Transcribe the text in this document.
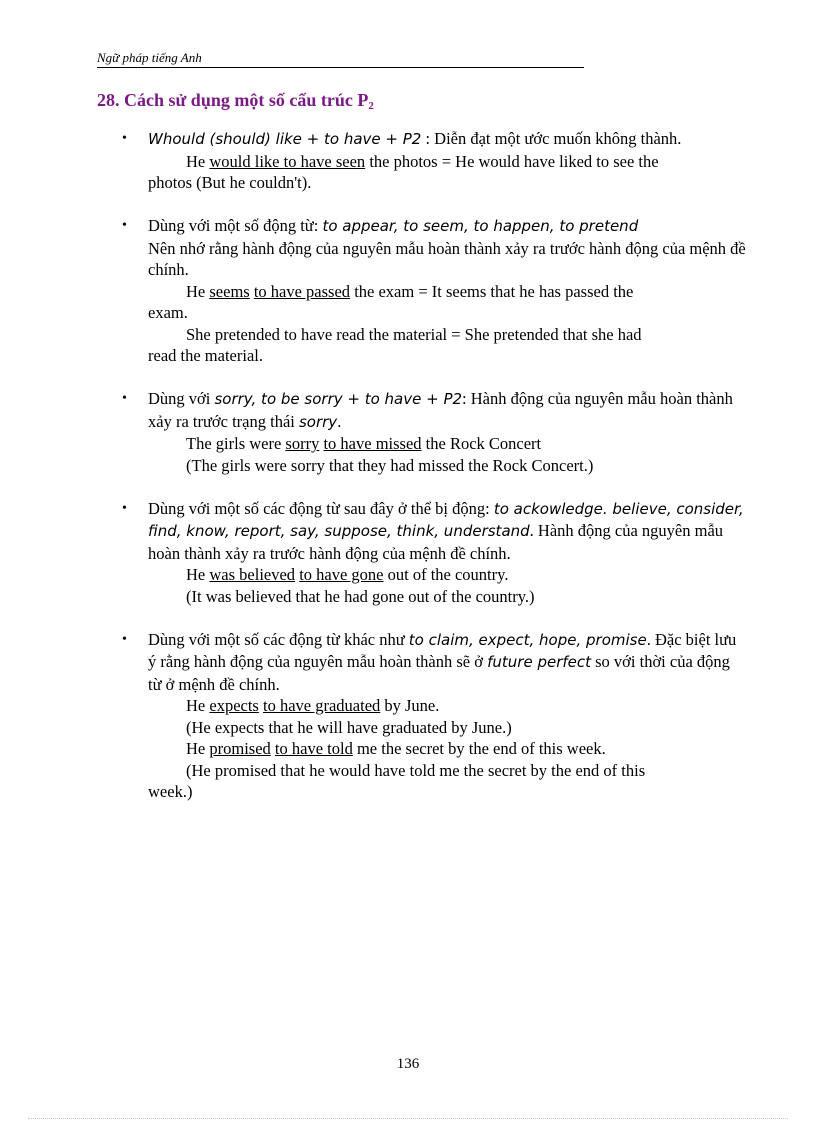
Ngữ pháp tiếng Anh
28. Cách sử dụng một số cấu trúc $P_2$
• Whould (should) like + to have + P2 : Diễn đạt một ước muốn không thành.
He would like to have seen the photos = He would have liked to see the
photos (But he couldn't).
• Dùng với một số động từ: to appear, to seem, to happen, to pretend
Nên nhớ rằng hành động của nguyên mẫu hoàn thành xảy ra trước hành động của mệnh đề chính.
He seems to have passed the exam = It seems that he has passed the
exam.
She pretended to have read the material = She pretended that she had
read the material.
• Dùng với sorry, to be sorry + to have + P2: Hành động của nguyên mẫu hoàn thành xảy ra trước trạng thái sorry.
The girls were sorry to have missed the Rock Concert
(The girls were sorry that they had missed the Rock Concert.)
• Dùng với một số các động từ sau đây ở thể bị động: to ackowledge. believe, consider, find, know, report, say, suppose, think, understand. Hành động của nguyên mẫu hoàn thành xảy ra trước hành động của mệnh đề chính.
He was believed to have gone out of the country.
(It was believed that he had gone out of the country.)
• Dùng với một số các động từ khác như to claim, expect, hope, promise. Đặc biệt lưu ý rằng hành động của nguyên mẫu hoàn thành sẽ ở future perfect so với thời của động từ ở mệnh đề chính.
He expects to have graduated by June.
(He expects that he will have graduated by June.)
He promised to have told me the secret by the end of this week.
(He promised that he would have told me the secret by the end of this
week.)
136
